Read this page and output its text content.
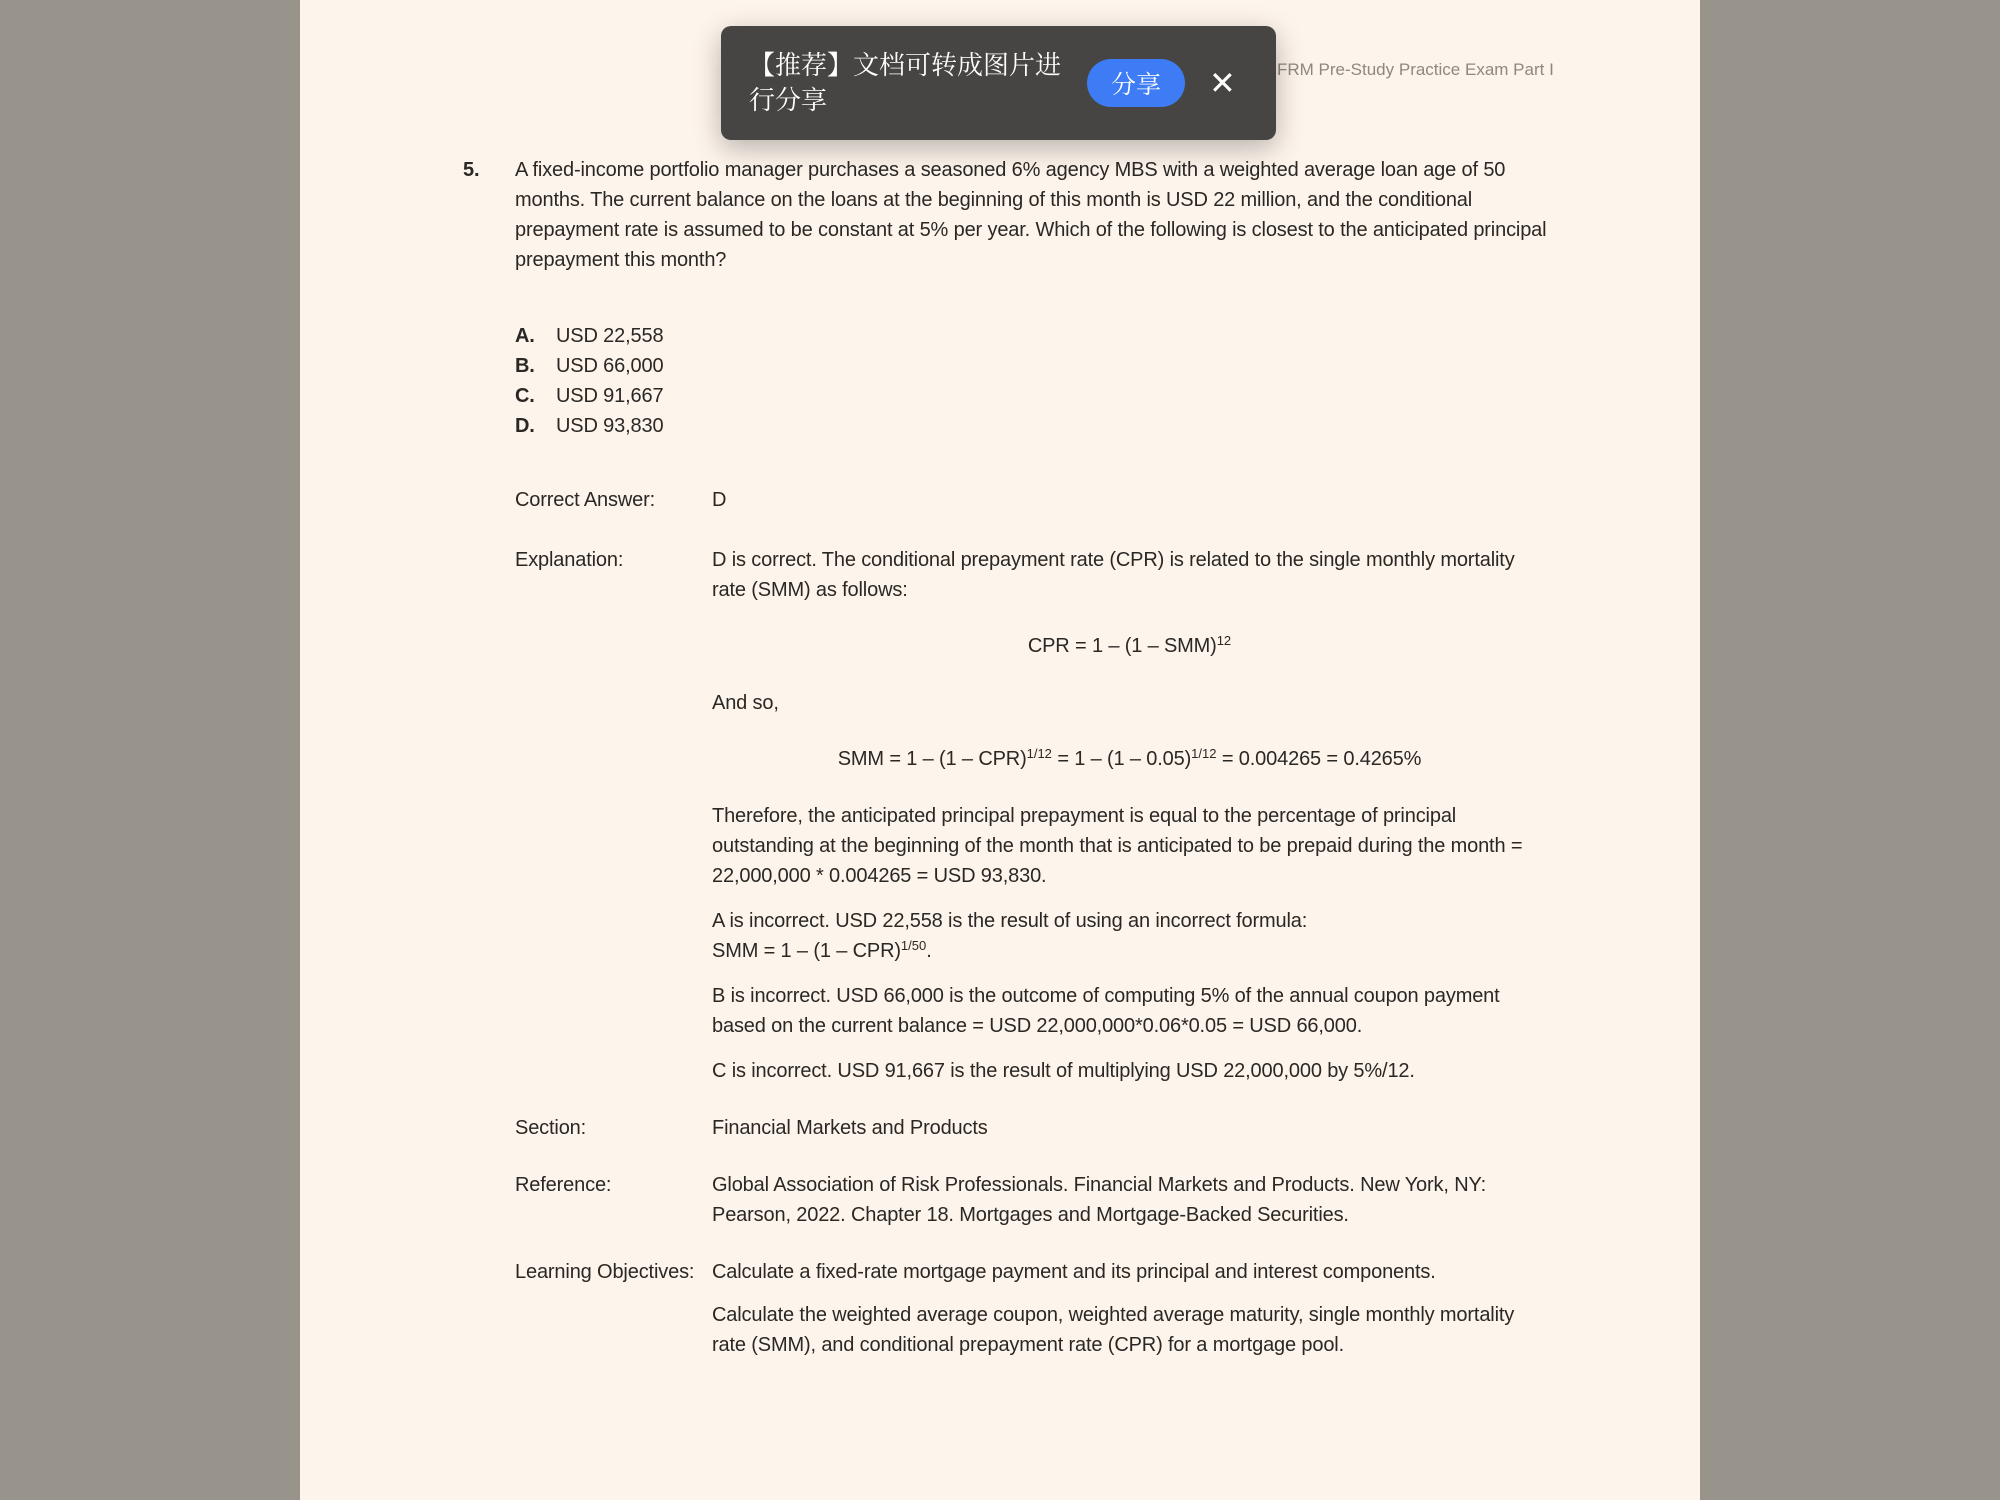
FRM Pre-Study Practice Exam Part I
5.	A fixed-income portfolio manager purchases a seasoned 6% agency MBS with a weighted average loan age of 50 months. The current balance on the loans at the beginning of this month is USD 22 million, and the conditional prepayment rate is assumed to be constant at 5% per year. Which of the following is closest to the anticipated principal prepayment this month?
A.	USD 22,558
B.	USD 66,000
C.	USD 91,667
D.	USD 93,830
Correct Answer:	D
Explanation:	D is correct. The conditional prepayment rate (CPR) is related to the single monthly mortality rate (SMM) as follows:

CPR = 1 – (1 – SMM)$^{12}$

And so,

SMM = 1 – (1 – CPR)$^{1/12}$ = 1 – (1 – 0.05)$^{1/12}$ = 0.004265 = 0.4265%

Therefore, the anticipated principal prepayment is equal to the percentage of principal outstanding at the beginning of the month that is anticipated to be prepaid during the month = 22,000,000 * 0.004265 = USD 93,830.

A is incorrect. USD 22,558 is the result of using an incorrect formula:
SMM = 1 – (1 – CPR)$^{1/50}$.

B is incorrect. USD 66,000 is the outcome of computing 5% of the annual coupon payment based on the current balance = USD 22,000,000*0.06*0.05 = USD 66,000.

C is incorrect. USD 91,667 is the result of multiplying USD 22,000,000 by 5%/12.

Section:	Financial Markets and Products
Reference:	Global Association of Risk Professionals. Financial Markets and Products. New York, NY: Pearson, 2022. Chapter 18. Mortgages and Mortgage-Backed Securities.
Learning Objectives: Calculate a fixed-rate mortgage payment and its principal and interest components.
Calculate the weighted average coupon, weighted average maturity, single monthly mortality rate (SMM), and conditional prepayment rate (CPR) for a mortgage pool.
【推荐】文档可转成图片进行分享	分享	✕
